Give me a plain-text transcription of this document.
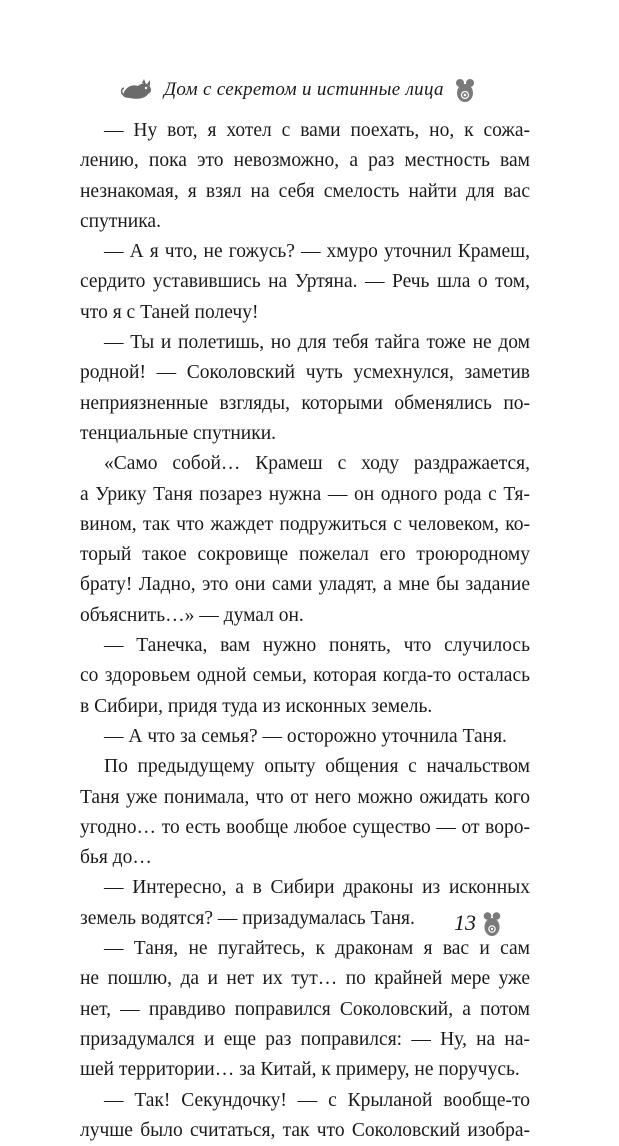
Дом с секретом и истинные лица
— Ну вот, я хотел с вами поехать, но, к сожа-
лению, пока это невозможно, а раз местность вам
незнакомая, я взял на себя смелость найти для вас
спутника.
— А я что, не гожусь? — хмуро уточнил Крамеш,
сердито уставившись на Уртяна. — Речь шла о том,
что я с Таней полечу!
— Ты и полетишь, но для тебя тайга тоже не дом
родной! — Соколовский чуть усмехнулся, заметив
неприязненные взгляды, которыми обменялись по-
тенциальные спутники.
«Само собой… Крамеш с ходу раздражается,
а Урику Таня позарез нужна — он одного рода с Тя-
вином, так что жаждет подружиться с человеком, ко-
торый такое сокровище пожелал его троюродному
брату! Ладно, это они сами уладят, а мне бы задание
объяснить…» — думал он.
— Танечка, вам нужно понять, что случилось
со здоровьем одной семьи, которая когда-то осталась
в Сибири, придя туда из исконных земель.
— А что за семья? — осторожно уточнила Таня.
По предыдущему опыту общения с начальством
Таня уже понимала, что от него можно ожидать кого
угодно… то есть вообще любое существо — от воро-
бья до…
— Интересно, а в Сибири драконы из исконных
земель водятся? — призадумалась Таня.
— Таня, не пугайтесь, к драконам я вас и сам
не пошлю, да и нет их тут… по крайней мере уже
нет, — правдиво поправился Соколовский, а потом
призадумался и еще раз поправился: — Ну, на на-
шей территории… за Китай, к примеру, не поручусь.
— Так! Секундочку! — с Крыланой вообще-то
лучше было считаться, так что Соколовский изобра-
13
